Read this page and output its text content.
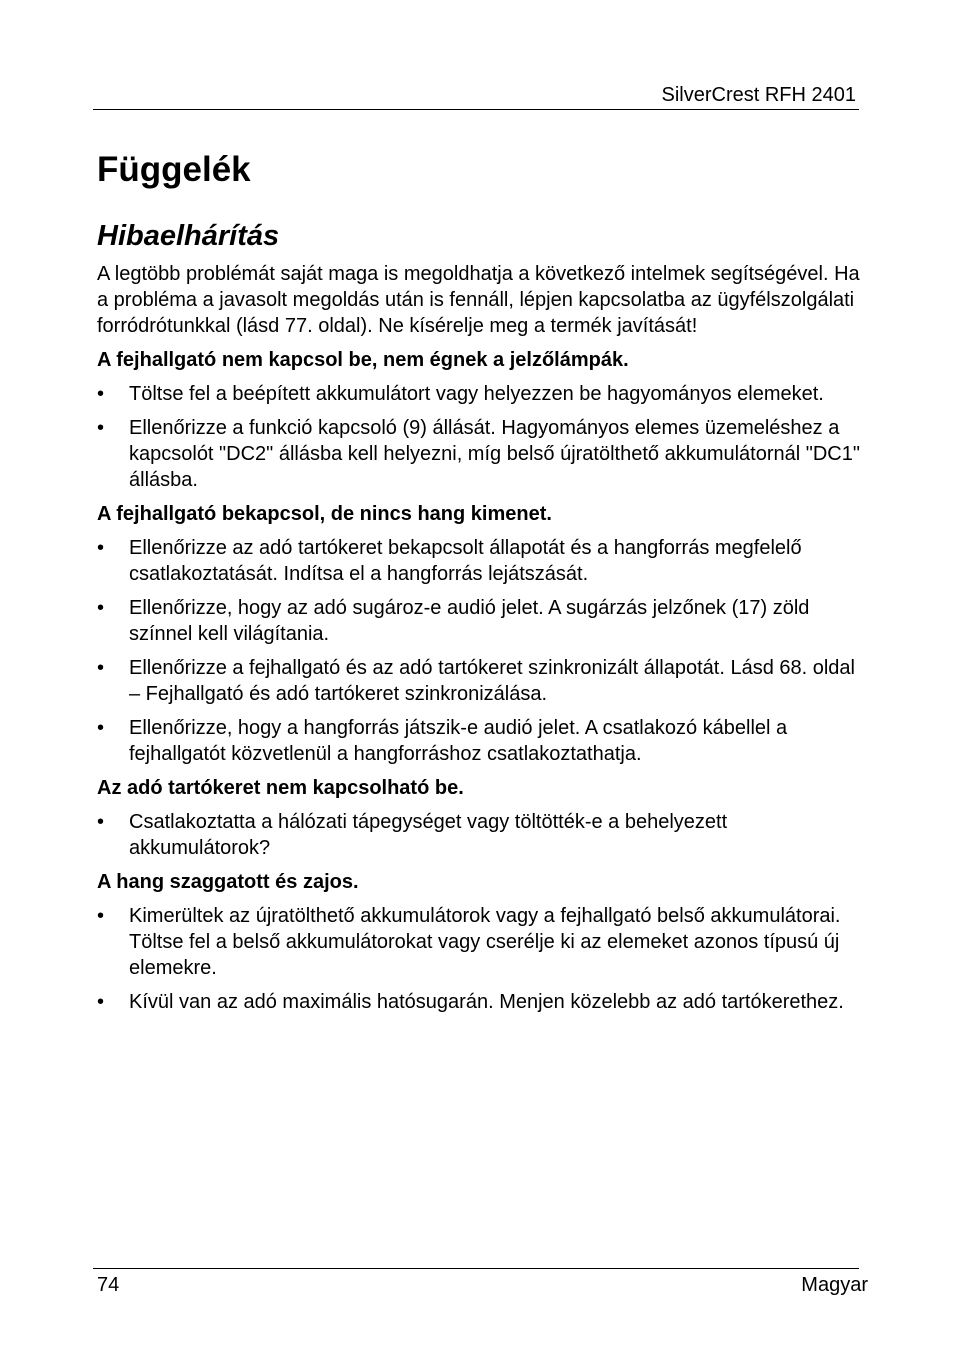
SilverCrest RFH 2401
Függelék
Hibaelhárítás

A legtöbb problémát saját maga is megoldhatja a következő intelmek segítségével. Ha a probléma a javasolt megoldás után is fennáll, lépjen kapcsolatba az ügyfélszolgálati forródrótunkkal (lásd 77. oldal). Ne kísérelje meg a termék javítását!

A fejhallgató nem kapcsol be, nem égnek a jelzőlámpák.
• Töltse fel a beépített akkumulátort vagy helyezzen be hagyományos elemeket.
• Ellenőrizze a funkció kapcsoló (9) állását. Hagyományos elemes üzemeléshez a kapcsolót "DC2" állásba kell helyezni, míg belső újratölthető akkumulátornál "DC1" állásba.
A fejhallgató bekapcsol, de nincs hang kimenet.
• Ellenőrizze az adó tartókeret bekapcsolt állapotát és a hangforrás megfelelő csatlakoztatását. Indítsa el a hangforrás lejátszását.
• Ellenőrizze, hogy az adó sugároz-e audió jelet. A sugárzás jelzőnek (17) zöld színnel kell világítania.
• Ellenőrizze a fejhallgató és az adó tartókeret szinkronizált állapotát. Lásd 68. oldal – Fejhallgató és adó tartókeret szinkronizálása.
• Ellenőrizze, hogy a hangforrás játszik-e audió jelet. A csatlakozó kábellel a fejhallgatót közvetlenül a hangforráshoz csatlakoztathatja.
Az adó tartókeret nem kapcsolható be.
• Csatlakoztatta a hálózati tápegységet vagy töltötték-e a behelyezett akkumulátorok?
A hang szaggatott és zajos.
• Kimerültek az újratölthető akkumulátorok vagy a fejhallgató belső akkumulátorai. Töltse fel a belső akkumulátorokat vagy cserélje ki az elemeket azonos típusú új elemekre.
• Kívül van az adó maximális hatósugarán. Menjen közelebb az adó tartókerethez.
74	Magyar
